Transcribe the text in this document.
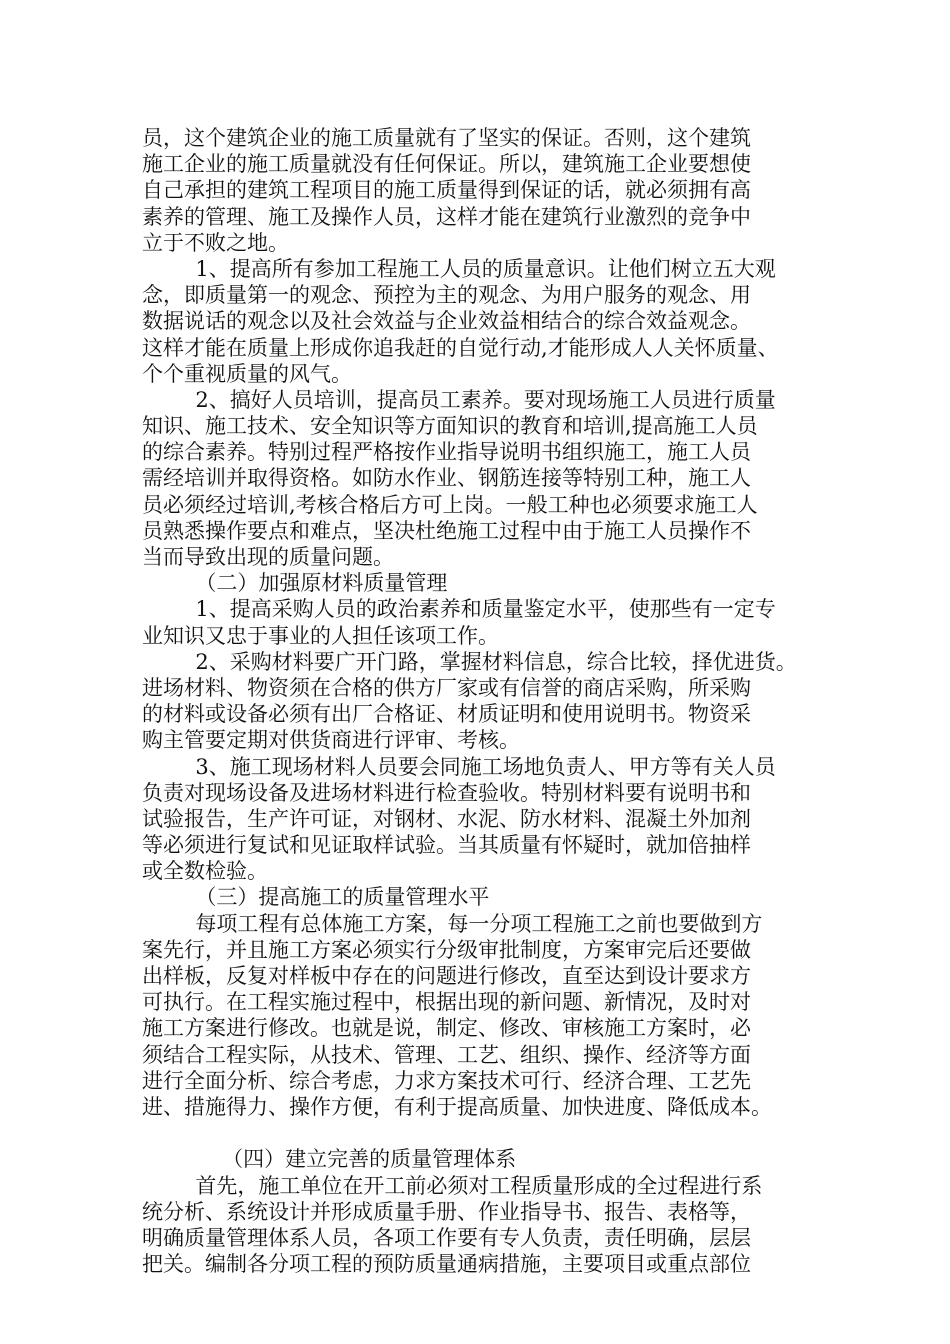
员，这个建筑企业的施工质量就有了坚实的保证。否则，这个建筑
施工企业的施工质量就没有任何保证。所以，建筑施工企业要想使
自己承担的建筑工程项目的施工质量得到保证的话，就必须拥有高
素养的管理、施工及操作人员，这样才能在建筑行业激烈的竞争中
立于不败之地。
1、提高所有参加工程施工人员的质量意识。让他们树立五大观
念，即质量第一的观念、预控为主的观念、为用户服务的观念、用
数据说话的观念以及社会效益与企业效益相结合的综合效益观念。
这样才能在质量上形成你追我赶的自觉行动,才能形成人人关怀质量、
个个重视质量的风气。
2、搞好人员培训，提高员工素养。要对现场施工人员进行质量
知识、施工技术、安全知识等方面知识的教育和培训,提高施工人员
的综合素养。特别过程严格按作业指导说明书组织施工，施工人员
需经培训并取得资格。如防水作业、钢筋连接等特别工种，施工人
员必须经过培训,考核合格后方可上岗。一般工种也必须要求施工人
员熟悉操作要点和难点，坚决杜绝施工过程中由于施工人员操作不
当而导致出现的质量问题。
（二）加强原材料质量管理
1、提高采购人员的政治素养和质量鉴定水平，使那些有一定专
业知识又忠于事业的人担任该项工作。
2、采购材料要广开门路，掌握材料信息，综合比较，择优进货。
进场材料、物资须在合格的供方厂家或有信誉的商店采购，所采购
的材料或设备必须有出厂合格证、材质证明和使用说明书。物资采
购主管要定期对供货商进行评审、考核。
3、施工现场材料人员要会同施工场地负责人、甲方等有关人员
负责对现场设备及进场材料进行检查验收。特别材料要有说明书和
试验报告，生产许可证，对钢材、水泥、防水材料、混凝土外加剂
等必须进行复试和见证取样试验。当其质量有怀疑时，就加倍抽样
或全数检验。
（三）提高施工的质量管理水平
每项工程有总体施工方案，每一分项工程施工之前也要做到方
案先行，并且施工方案必须实行分级审批制度，方案审完后还要做
出样板，反复对样板中存在的问题进行修改，直至达到设计要求方
可执行。在工程实施过程中，根据出现的新问题、新情况，及时对
施工方案进行修改。也就是说，制定、修改、审核施工方案时，必
须结合工程实际，从技术、管理、工艺、组织、操作、经济等方面
进行全面分析、综合考虑，力求方案技术可行、经济合理、工艺先
进、措施得力、操作方便，有利于提高质量、加快进度、降低成本。
（四）建立完善的质量管理体系
首先，施工单位在开工前必须对工程质量形成的全过程进行系
统分析、系统设计并形成质量手册、作业指导书、报告、表格等，
明确质量管理体系人员，各项工作要有专人负责，责任明确，层层
把关。编制各分项工程的预防质量通病措施，主要项目或重点部位
